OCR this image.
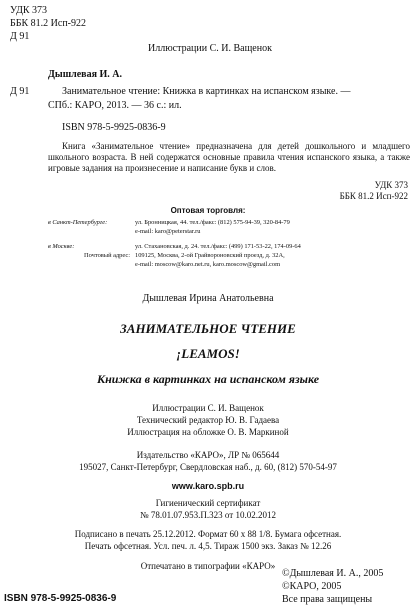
УДК 373
ББК 81.2 Исп-922
Д 91
Иллюстрации С. И. Ващенок
Д 91
Дышлевая И. А.
Занимательное чтение: Книжка в картинках на испанском языке. —
СПб.: КАРО, 2013. — 36 с.: ил.
ISBN 978-5-9925-0836-9
Книга «Занимательное чтение» предназначена для детей дошкольного и младшего школьного возраста. В ней содержатся основные правила чтения испанского языка, а также игровые задания на произнесение и написание букв и слов.
УДК 373
ББК 81.2 Исп-922
Оптовая торговля:
в Санкт-Петербурге:	ул. Бронницкая, 44. тел./факс: (812) 575-94-39, 320-84-79
e-mail: karo@peterstar.ru
в Москве:	ул. Стахановская, д. 24. тел./факс: (499) 171-53-22, 174-09-64
Почтовый адрес: 109125, Москва, 2-ой Грайвороновский проезд, д. 32А,
e-mail: moscow@karo.net.ru, karo.moscow@gmail.com
Дышлевая Ирина Анатольевна
ЗАНИМАТЕЛЬНОЕ ЧТЕНИЕ
¡LEAMOS!
Книжка в картинках на испанском языке
Иллюстрации С. И. Ващенок
Технический редактор Ю. В. Гадаева
Иллюстрация на обложке О. В. Маркиной
Издательство «КАРО», ЛР № 065644
195027, Санкт-Петербург, Свердловская наб., д. 60, (812) 570-54-97
www.karo.spb.ru
Гигиенический сертификат
№ 78.01.07.953.П.323 от 10.02.2012
Подписано в печать 25.12.2012. Формат 60 х 88 1/8. Бумага офсетная.
Печать офсетная. Усл. печ. л. 4,5. Тираж 1500 экз. Заказ № 12.26
Отпечатано в типографии «КАРО»
ISBN 978-5-9925-0836-9
©Дышлевая И. А., 2005
©КАРО, 2005
Все права защищены
